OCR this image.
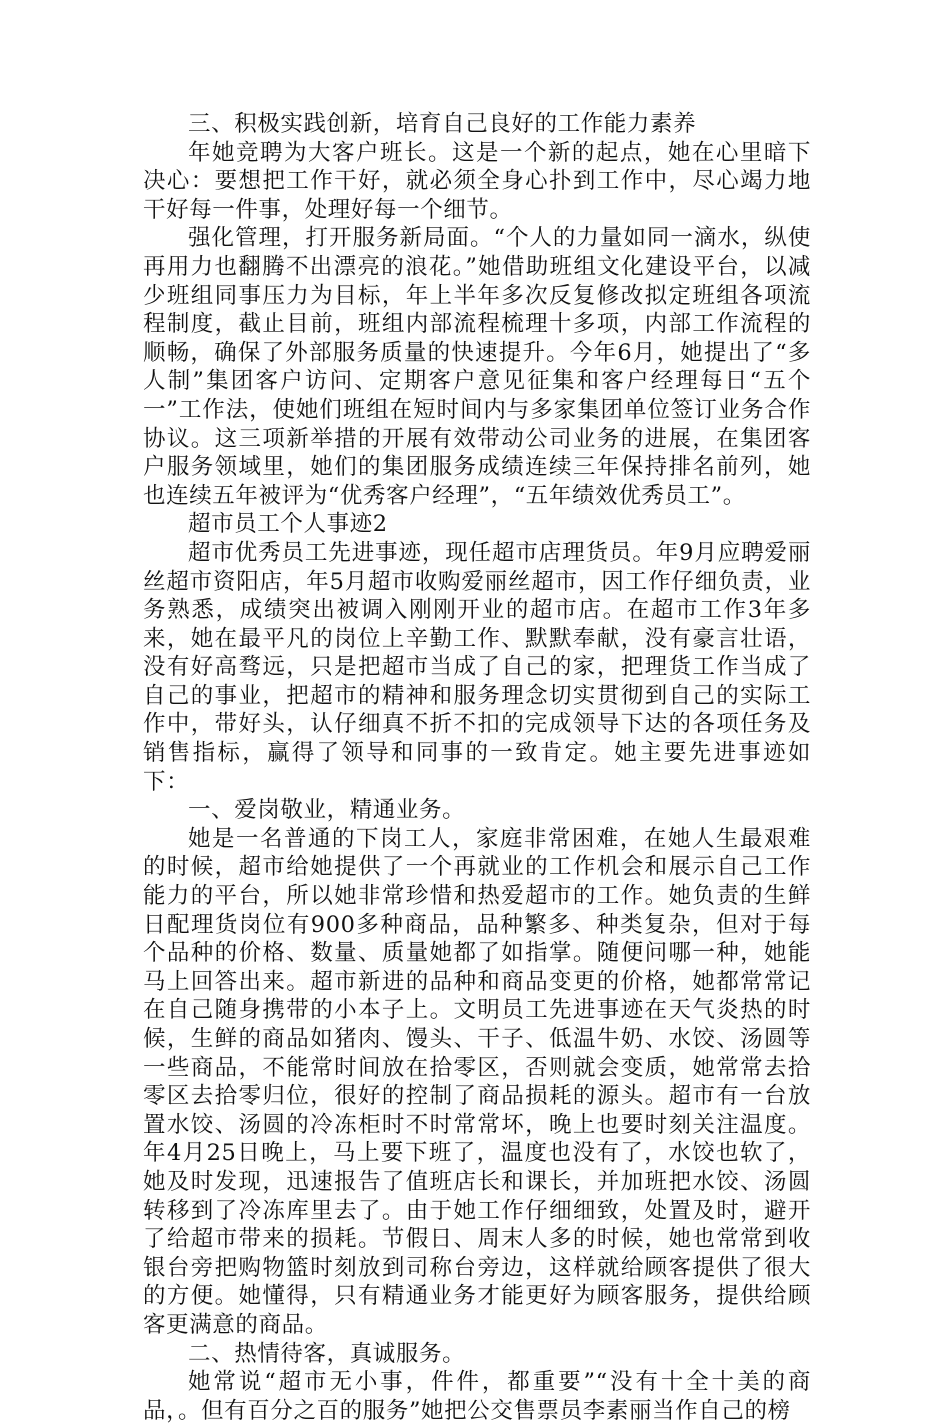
三、积极实践创新，培育自己良好的工作能力素养

年她竞聘为大客户班长。这是一个新的起点，她在心里暗下决心：要想把工作干好，就必须全身心扑到工作中，尽心竭力地干好每一件事，处理好每一个细节。

强化管理，打开服务新局面。“个人的力量如同一滴水，纵使再用力也翻腾不出漂亮的浪花。”她借助班组文化建设平台，以减少班组同事压力为目标，年上半年多次反复修改拟定班组各项流程制度，截止目前，班组内部流程梳理十多项，内部工作流程的顺畅，确保了外部服务质量的快速提升。今年6月，她提出了“多人制”集团客户访问、定期客户意见征集和客户经理每日“五个一”工作法，使她们班组在短时间内与多家集团单位签订业务合作协议。这三项新举措的开展有效带动公司业务的进展，在集团客户服务领域里，她们的集团服务成绩连续三年保持排名前列，她也连续五年被评为“优秀客户经理”，“五年绩效优秀员工”。

超市员工个人事迹2

超市优秀员工先进事迹，现任超市店理货员。年9月应聘爱丽丝超市资阳店，年5月超市收购爱丽丝超市，因工作仔细负责，业务熟悉，成绩突出被调入刚刚开业的超市店。在超市工作3年多来，她在最平凡的岗位上辛勤工作、默默奉献，没有豪言壮语，没有好高骛远，只是把超市当成了自己的家，把理货工作当成了自己的事业，把超市的精神和服务理念切实贯彻到自己的实际工作中，带好头，认仔细真不折不扣的完成领导下达的各项任务及销售指标，赢得了领导和同事的一致肯定。她主要先进事迹如下：

一、爱岗敬业，精通业务。

她是一名普通的下岗工人，家庭非常困难，在她人生最艰难的时候，超市给她提供了一个再就业的工作机会和展示自己工作能力的平台，所以她非常珍惜和热爱超市的工作。她负责的生鲜日配理货岗位有900多种商品，品种繁多、种类复杂，但对于每个品种的价格、数量、质量她都了如指掌。随便问哪一种，她能马上回答出来。超市新进的品种和商品变更的价格，她都常常记在自己随身携带的小本子上。文明员工先进事迹在天气炎热的时候，生鲜的商品如猪肉、馒头、干子、低温牛奶、水饺、汤圆等一些商品，不能常时间放在拾零区，否则就会变质，她常常去拾零区去拾零归位，很好的控制了商品损耗的源头。超市有一台放置水饺、汤圆的冷冻柜时不时常常坏，晚上也要时刻关注温度。年4月25日晚上，马上要下班了，温度也没有了，水饺也软了，她及时发现，迅速报告了值班店长和课长，并加班把水饺、汤圆转移到了冷冻库里去了。由于她工作仔细细致，处置及时，避开了给超市带来的损耗。节假日、周末人多的时候，她也常常到收银台旁把购物篮时刻放到司称台旁边，这样就给顾客提供了很大的方便。她懂得，只有精通业务才能更好为顾客服务，提供给顾客更满意的商品。

二、热情待客，真诚服务。

她常说“超市无小事，件件，都重要”“没有十全十美的商品，。但有百分之百的服务”她把公交售票员李素丽当作自己的榜
